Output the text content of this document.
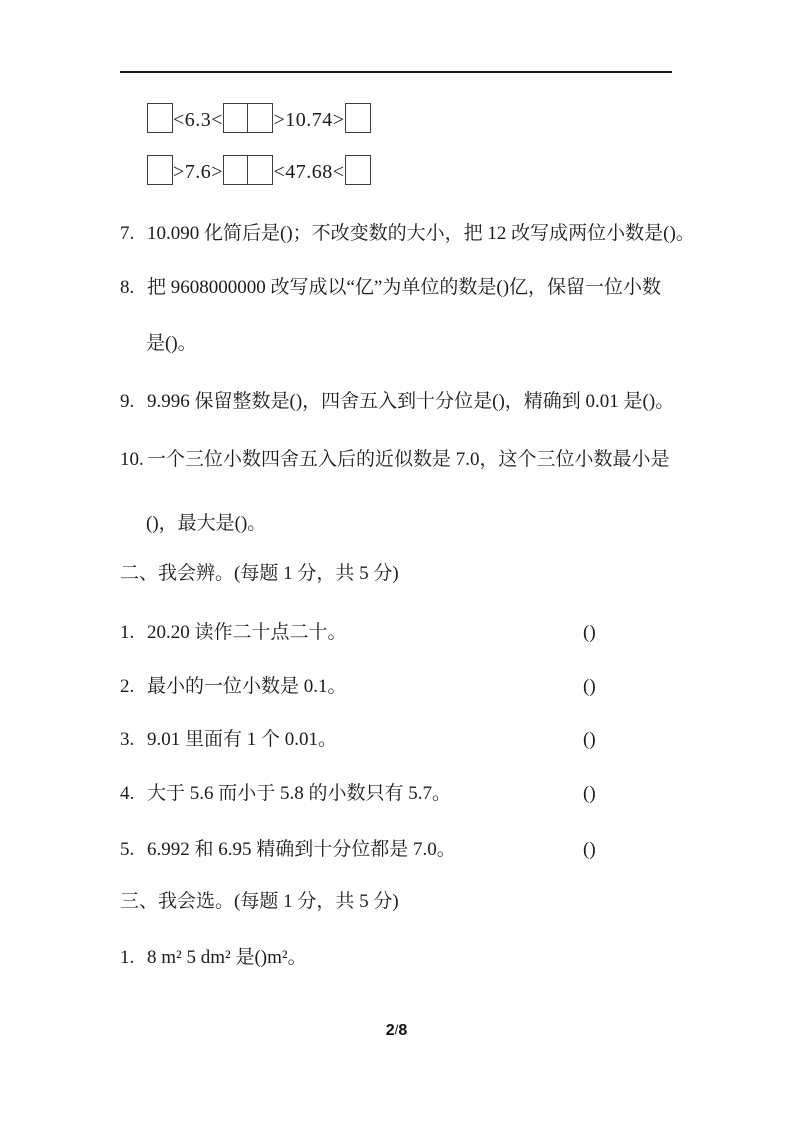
<6.3<	>10.74>
>7.6>	<47.68<
7. 10.090 化简后是()；不改变数的大小，把 12 改写成两位小数是()。
8. 把 9608000000 改写成以“亿”为单位的数是()亿，保留一位小数
是()。
9. 9.996 保留整数是()，四舍五入到十分位是()，精确到 0.01 是()。
10. 一个三位小数四舍五入后的近似数是 7.0，这个三位小数最小是
()，最大是()。
二、我会辨。(每题 1 分，共 5 分)
1. 20.20 读作二十点二十。	()
2. 最小的一位小数是 0.1。	()
3. 9.01 里面有 1 个 0.01。	()
4. 大于 5.6 而小于 5.8 的小数只有 5.7。	()
5. 6.992 和 6.95 精确到十分位都是 7.0。	()
三、我会选。(每题 1 分，共 5 分)
1. 8 m² 5 dm² 是()m²。
2/8
